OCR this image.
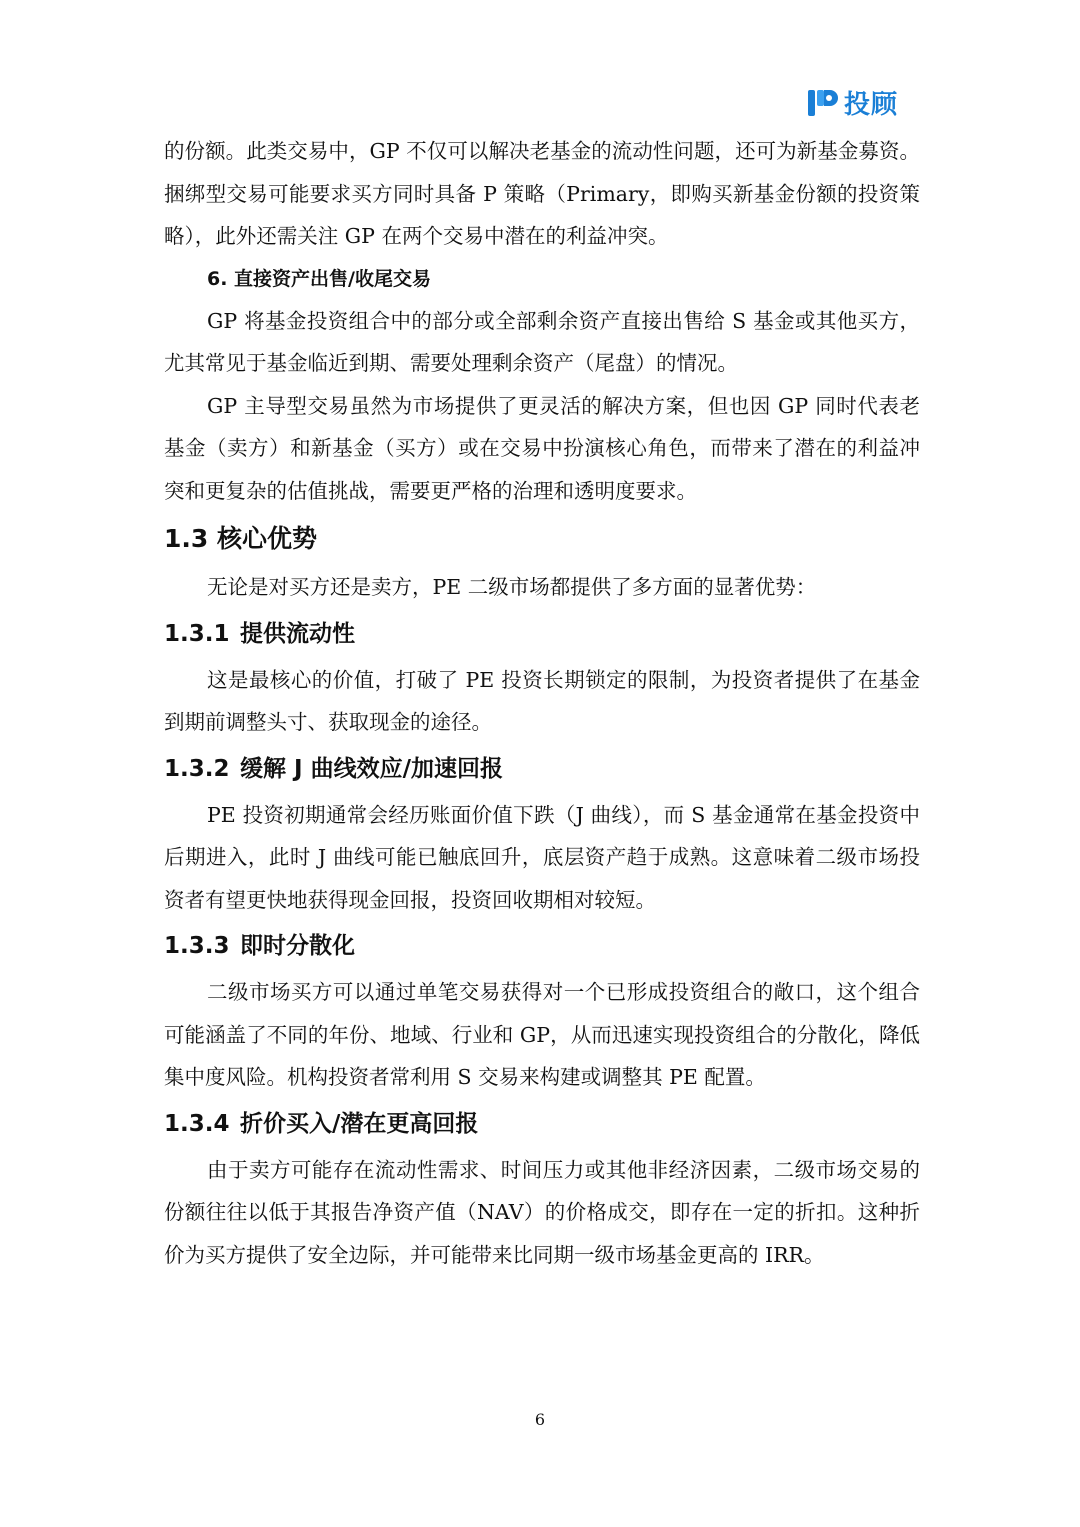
投顾

的份额。此类交易中，GP 不仅可以解决老基金的流动性问题，还可为新基金募资。捆绑型交易可能要求买方同时具备 P 策略（Primary，即购买新基金份额的投资策略），此外还需关注 GP 在两个交易中潜在的利益冲突。

6. 直接资产出售/收尾交易

GP 将基金投资组合中的部分或全部剩余资产直接出售给 S 基金或其他买方，尤其常见于基金临近到期、需要处理剩余资产（尾盘）的情况。

GP 主导型交易虽然为市场提供了更灵活的解决方案，但也因 GP 同时代表老基金（卖方）和新基金（买方）或在交易中扮演核心角色，而带来了潜在的利益冲突和更复杂的估值挑战，需要更严格的治理和透明度要求。

1.3 核心优势

无论是对买方还是卖方，PE 二级市场都提供了多方面的显著优势：

1.3.1 提供流动性

这是最核心的价值，打破了 PE 投资长期锁定的限制，为投资者提供了在基金到期前调整头寸、获取现金的途径。

1.3.2 缓解 J 曲线效应/加速回报

PE 投资初期通常会经历账面价值下跌（J 曲线），而 S 基金通常在基金投资中后期进入，此时 J 曲线可能已触底回升，底层资产趋于成熟。这意味着二级市场投资者有望更快地获得现金回报，投资回收期相对较短。

1.3.3 即时分散化

二级市场买方可以通过单笔交易获得对一个已形成投资组合的敞口，这个组合可能涵盖了不同的年份、地域、行业和 GP，从而迅速实现投资组合的分散化，降低集中度风险。机构投资者常利用 S 交易来构建或调整其 PE 配置。

1.3.4 折价买入/潜在更高回报

由于卖方可能存在流动性需求、时间压力或其他非经济因素，二级市场交易的份额往往以低于其报告净资产值（NAV）的价格成交，即存在一定的折扣。这种折价为买方提供了安全边际，并可能带来比同期一级市场基金更高的 IRR。

6
